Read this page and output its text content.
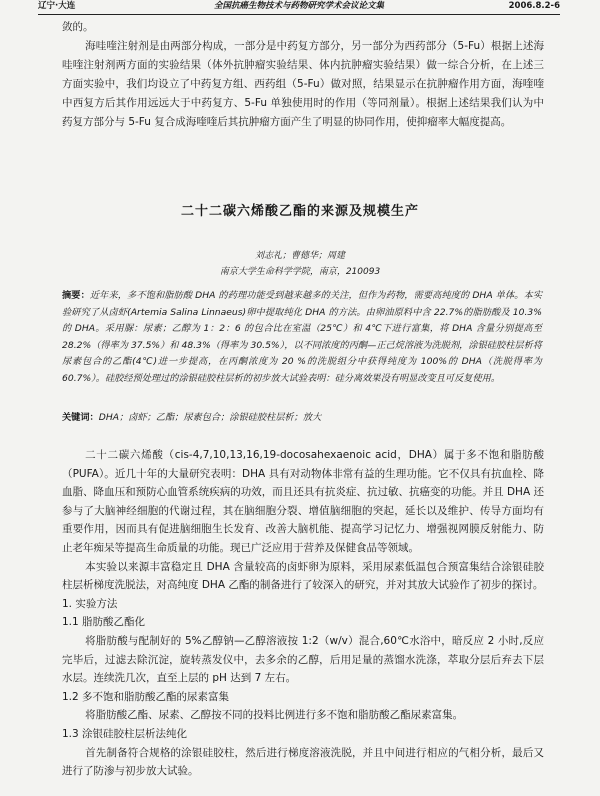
辽宁·大连	全国抗癌生物技术与药物研究学术会议论文集	2006.8.2-6

敛的。

海哇喹注射剂是由两部分构成，一部分是中药复方部分，另一部分为西药部分（5-Fu）根据上述海哇喹注射剂两方面的实验结果（体外抗肿瘤实验结果、体内抗肿瘤实验结果）做一综合分析，在上述三方面实验中，我们均设立了中药复方组、西药组（5-Fu）做对照，结果显示在抗肿瘤作用方面，海喹喹中西复方后其作用远远大于中药复方、5-Fu 单独使用时的作用（等同剂量）。根据上述结果我们认为中药复方部分与 5-Fu 复合成海喹喹后其抗肿瘤方面产生了明显的协同作用，使抑瘤率大幅度提高。

二十二碳六烯酸乙酯的来源及规模生产
刘志礼；曹德华；周建
南京大学生命科学学院，南京，210093
摘要：近年来，多不饱和脂肪酸 DHA 的药理功能受到越来越多的关注，但作为药物，需要高纯度的 DHA 单体。本实验研究了从卤虾(Artemia Salina Linnaeus)卵中提取纯化 DHA 的方法。由卵油原料中含 22.7%的脂肪酸及 10.3%的 DHA。采用脲：尿素；乙醇为 1：2：6 的包合比在室温（25℃）和 4℃下进行富集，将 DHA 含量分别提高至 28.2%（得率为 37.5%）和 48.3%（得率为 30.5%），以不同浓度的丙酮—正己烷溶液为洗脱剂，涂银硅胶柱层析将尿素包合的乙酯(4℃)进一步提高，在丙酮浓度为 20 %的洗脱组分中获得纯度为 100%的 DHA（洗脱得率为 60.7%）。硅胶经预处理过的涂银硅胶柱层析的初步放大试验表明：硅分离效果没有明显改变且可反复使用。
关键词：DHA；卤虾；乙酯；尿素包合；涂银硅胶柱层析；放大

二十二碳六烯酸（cis-4,7,10,13,16,19-docosahexaenoic acid，DHA）属于多不饱和脂肪酸（PUFA）。近几十年的大量研究表明：DHA 具有对动物体非常有益的生理功能。它不仅具有抗血栓、降血脂、降血压和预防心血管系统疾病的功效，而且还具有抗炎症、抗过敏、抗癌变的功能。并且 DHA 还参与了大脑神经细胞的代谢过程，其在脑细胞分裂、增值脑细胞的突起，延长以及维护、传导方面均有重要作用，因而具有促进脑细胞生长发育、改善大脑机能、提高学习记忆力、增强视网膜反射能力、防止老年痴呆等提高生命质量的功能。现已广泛应用于营养及保健食品等领域。

本实验以来源丰富稳定且 DHA 含量较高的卤虾卵为原料，采用尿素低温包合预富集结合涂银硅胶柱层析梯度洗脱法，对高纯度 DHA 乙酯的制备进行了较深入的研究，并对其放大试验作了初步的探讨。

1. 实验方法

1.1 脂肪酸乙酯化

将脂肪酸与配制好的 5%乙醇钠—乙醇溶液按 1:2（w/v）混合,60℃水浴中，暗反应 2 小时,反应完毕后，过滤去除沉淀，旋转蒸发仪中，去多余的乙醇，后用足量的蒸馏水洗涤，萃取分层后弃去下层水层。连续洗几次，直至上层的 pH 达到 7 左右。

1.2 多不饱和脂肪酸乙酯的尿素富集

将脂肪酸乙酯、尿素、乙醇按不同的投料比例进行多不饱和脂肪酸乙酯尿素富集。

1.3 涂银硅胶柱层析法纯化

首先制备符合规格的涂银硅胶柱，然后进行梯度溶液洗脱，并且中间进行相应的气相分析，最后又进行了防渗与初步放大试验。
